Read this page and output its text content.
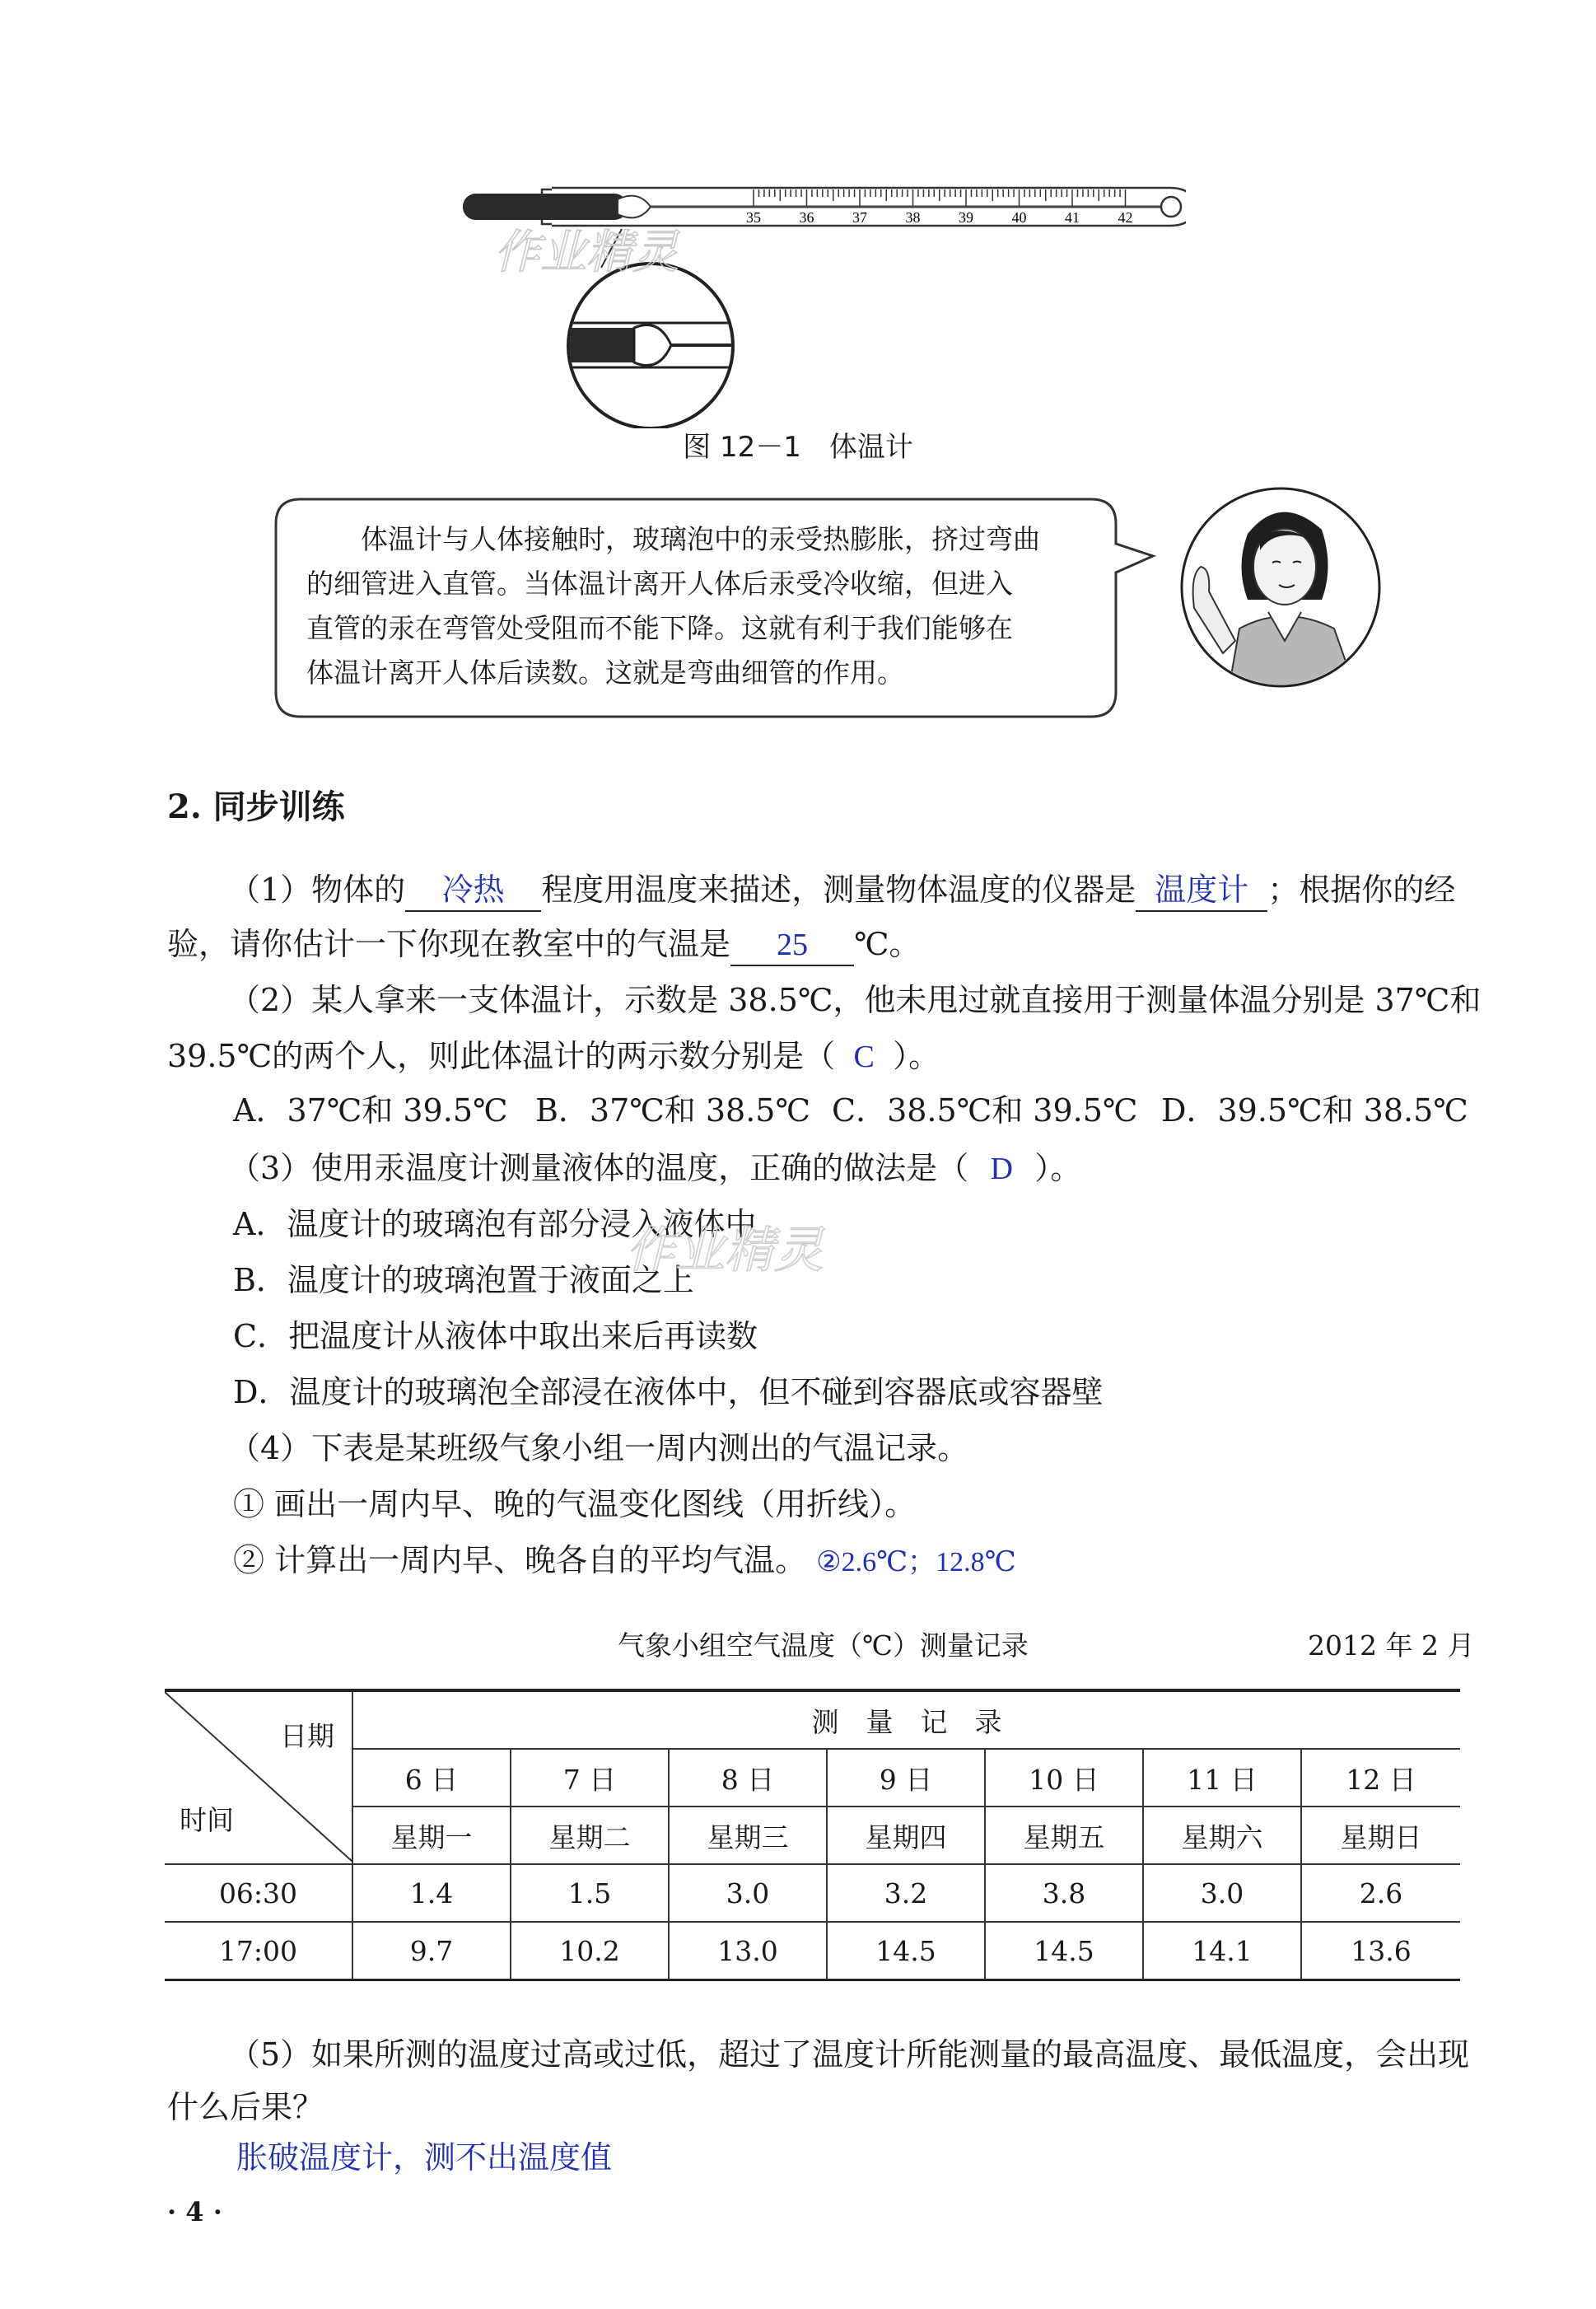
35	36	37	38	39	40	41	42
作业精灵
图 12－1　体温计
体温计与人体接触时，玻璃泡中的汞受热膨胀，挤过弯曲
的细管进入直管。当体温计离开人体后汞受冷收缩，但进入
直管的汞在弯管处受阻而不能下降。这就有利于我们能够在
体温计离开人体后读数。这就是弯曲细管的作用。
2. 同步训练
（1）物体的 冷热 程度用温度来描述，测量物体温度的仪器是 温度计 ；根据你的经
验，请你估计一下你现在教室中的气温是 25 ℃。
（2）某人拿来一支体温计，示数是 38.5℃，他未甩过就直接用于测量体温分别是 37℃和
39.5℃的两个人，则此体温计的两示数分别是（ C ）。
A．37℃和 39.5℃ B．37℃和 38.5℃ C．38.5℃和 39.5℃ D．39.5℃和 38.5℃
（3）使用汞温度计测量液体的温度，正确的做法是（ D ）。
A．温度计的玻璃泡有部分浸入液体中
B．温度计的玻璃泡置于液面之上
C．把温度计从液体中取出来后再读数
D．温度计的玻璃泡全部浸在液体中，但不碰到容器底或容器壁
作业精灵
（4）下表是某班级气象小组一周内测出的气温记录。
① 画出一周内早、晚的气温变化图线（用折线）。
② 计算出一周内早、晚各自的平均气温。 ②2.6℃；12.8℃
气象小组空气温度（℃）测量记录	2012 年 2 月
日期
时间	测　量　记　录						
	6 日	7 日	8 日	9 日	10 日	11 日	12 日
	星期一	星期二	星期三	星期四	星期五	星期六	星期日
06:30	1.4	1.5	3.0	3.2	3.8	3.0	2.6
17:00	9.7	10.2	13.0	14.5	14.5	14.1	13.6
（5）如果所测的温度过高或过低，超过了温度计所能测量的最高温度、最低温度，会出现
什么后果？
胀破温度计，测不出温度值
· 4 ·
